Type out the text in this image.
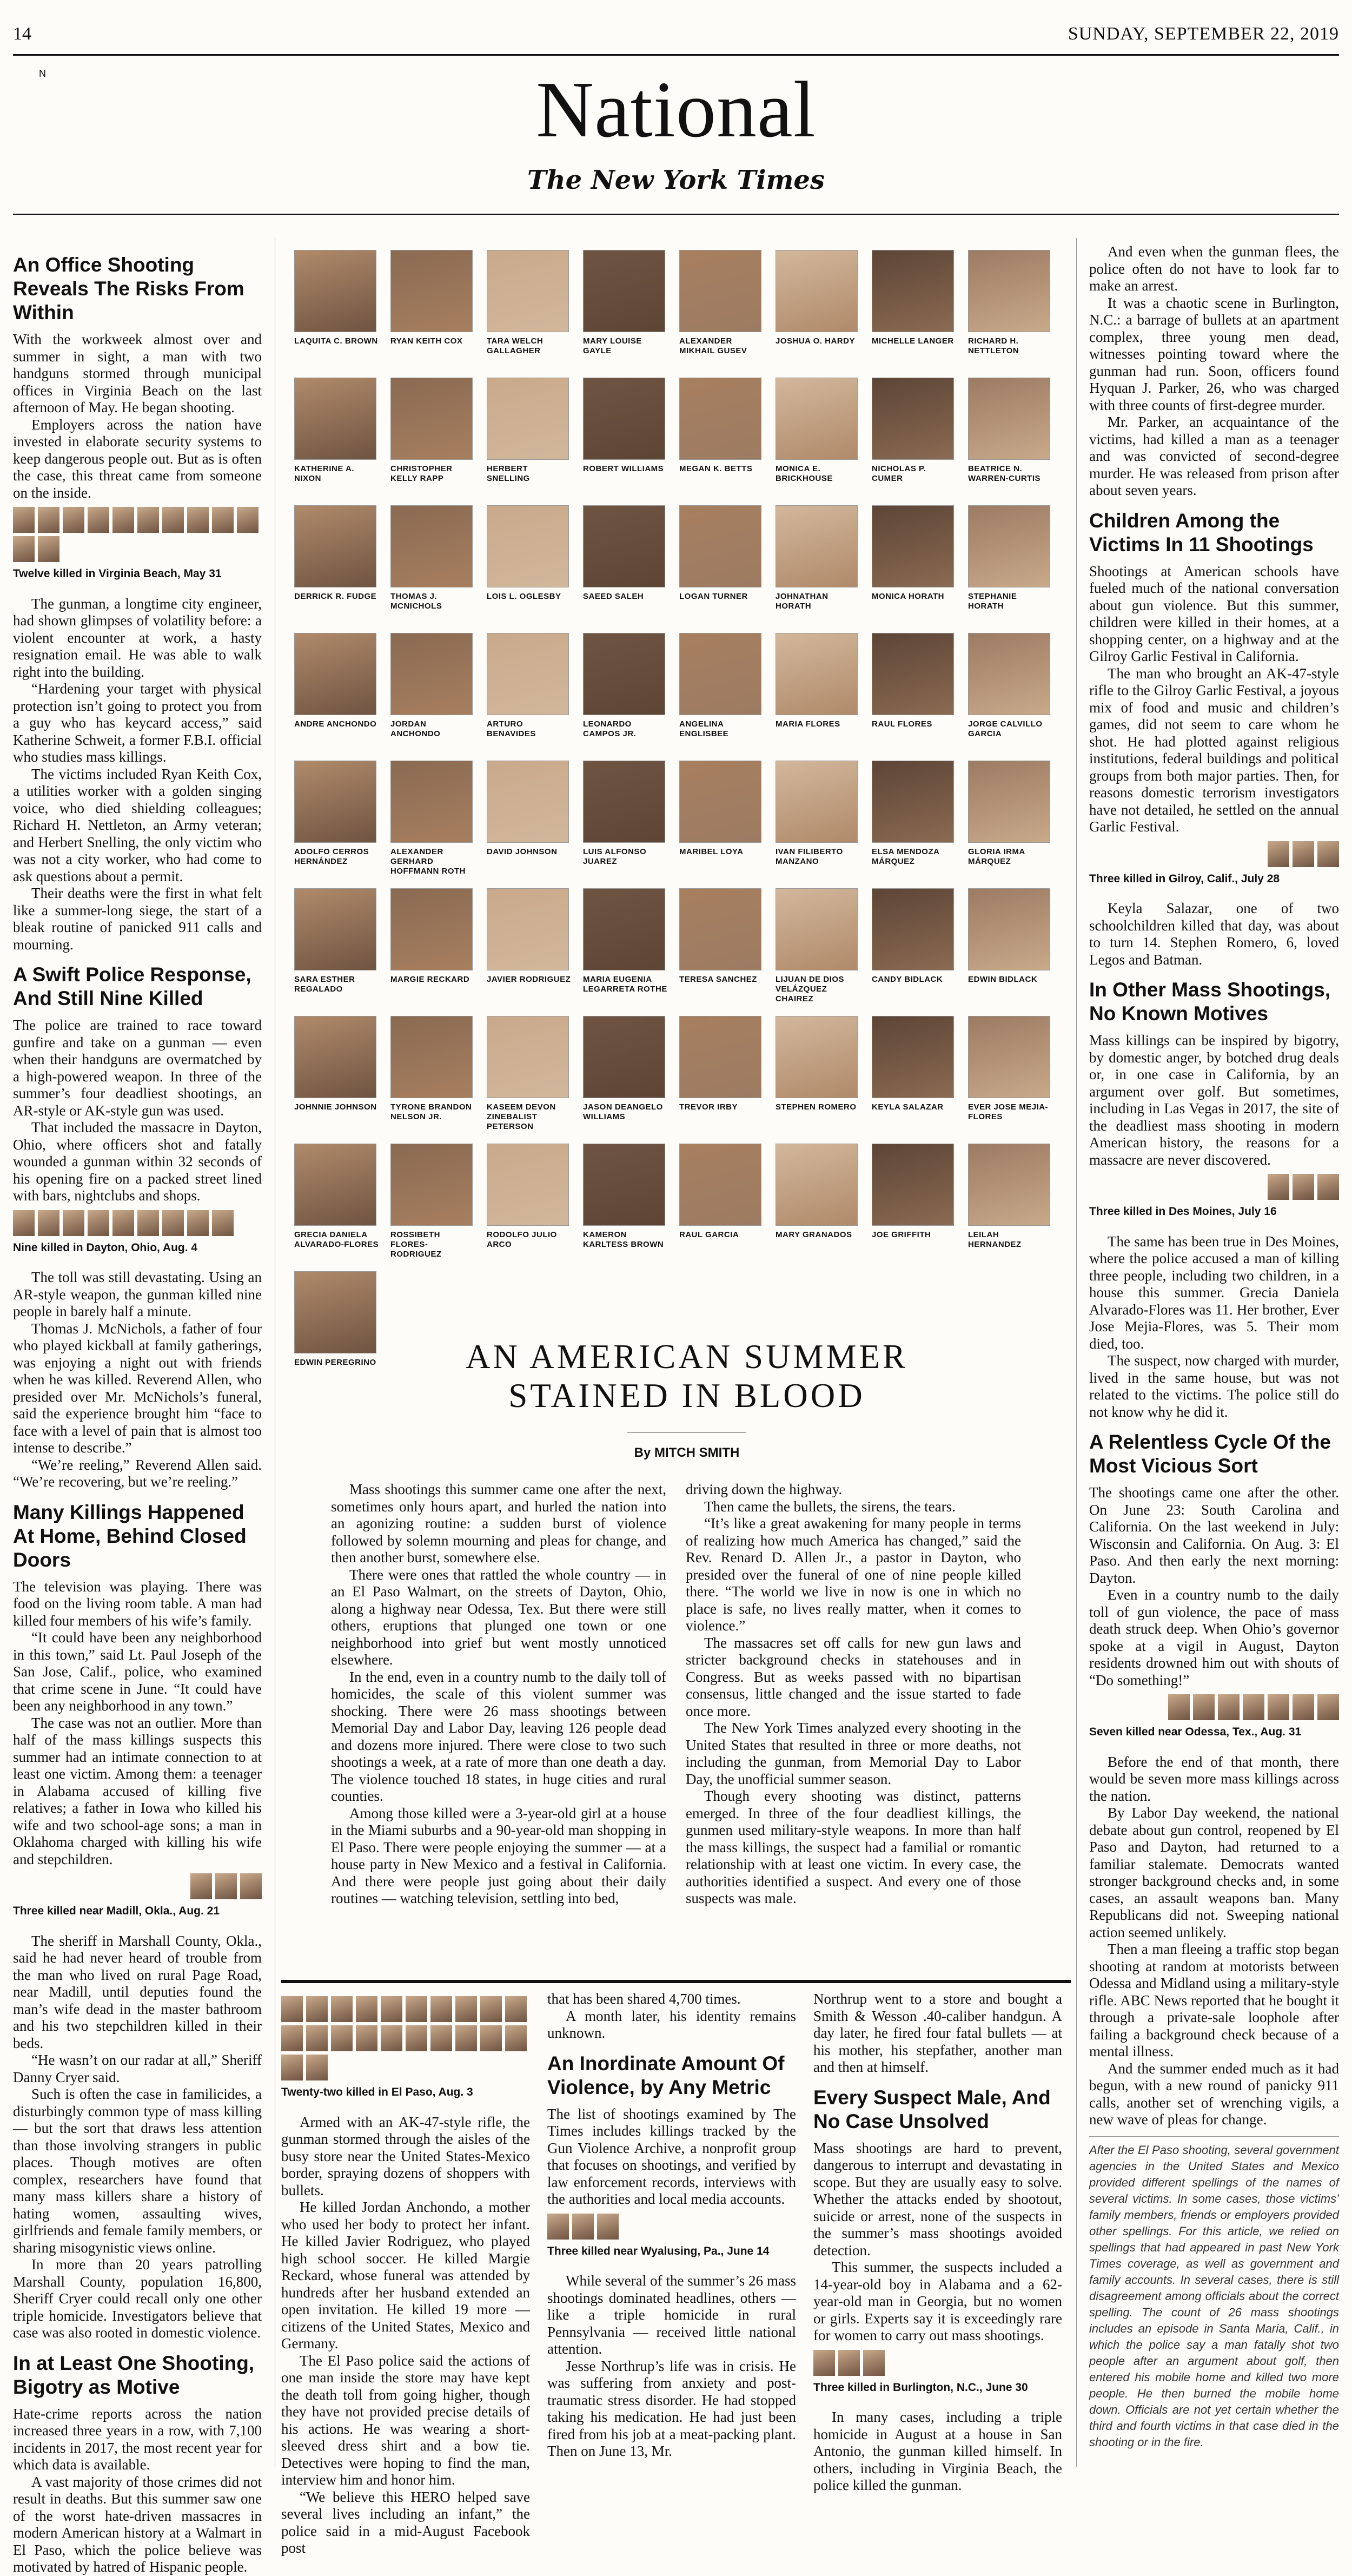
14	SUNDAY, SEPTEMBER 22, 2019
N	National
The New York Times
An Office Shooting Reveals The Risks From Within

With the workweek almost over and summer in sight, a man with two handguns stormed through municipal offices in Virginia Beach on the last afternoon of May. He began shooting.

Employers across the nation have invested in elaborate security systems to keep dangerous people out. But as is often the case, this threat came from someone on the inside.

Twelve killed in Virginia Beach, May 31

The gunman, a longtime city engineer, had shown glimpses of volatility before: a violent encounter at work, a hasty resignation email. He was able to walk right into the building.

“Hardening your target with physical protection isn’t going to protect you from a guy who has keycard access,” said Katherine Schweit, a former F.B.I. official who studies mass killings.

The victims included Ryan Keith Cox, a utilities worker with a golden singing voice, who died shielding colleagues; Richard H. Nettleton, an Army veteran; and Herbert Snelling, the only victim who was not a city worker, who had come to ask questions about a permit.

Their deaths were the first in what felt like a summer-long siege, the start of a bleak routine of panicked 911 calls and mourning.

A Swift Police Response, And Still Nine Killed

The police are trained to race toward gunfire and take on a gunman — even when their handguns are overmatched by a high-powered weapon. In three of the summer’s four deadliest shootings, an AR-style or AK-style gun was used.

That included the massacre in Dayton, Ohio, where officers shot and fatally wounded a gunman within 32 seconds of his opening fire on a packed street lined with bars, nightclubs and shops.

Nine killed in Dayton, Ohio, Aug. 4

The toll was still devastating. Using an AR-style weapon, the gunman killed nine people in barely half a minute.

Thomas J. McNichols, a father of four who played kickball at family gatherings, was enjoying a night out with friends when he was killed. Reverend Allen, who presided over Mr. McNichols’s funeral, said the experience brought him “face to face with a level of pain that is almost too intense to describe.”

“We’re reeling,” Reverend Allen said. “We’re recovering, but we’re reeling.”

Many Killings Happened At Home, Behind Closed Doors

The television was playing. There was food on the living room table. A man had killed four members of his wife’s family.

“It could have been any neighborhood in this town,” said Lt. Paul Joseph of the San Jose, Calif., police, who examined that crime scene in June. “It could have been any neighborhood in any town.”

The case was not an outlier. More than half of the mass killings suspects this summer had an intimate connection to at least one victim. Among them: a teenager in Alabama accused of killing five relatives; a father in Iowa who killed his wife and two school-age sons; a man in Oklahoma charged with killing his wife and stepchildren.

Three killed near Madill, Okla., Aug. 21

The sheriff in Marshall County, Okla., said he had never heard of trouble from the man who lived on rural Page Road, near Madill, until deputies found the man’s wife dead in the master bathroom and his two stepchildren killed in their beds.

“He wasn’t on our radar at all,” Sheriff Danny Cryer said.

Such is often the case in familicides, a disturbingly common type of mass killing — but the sort that draws less attention than those involving strangers in public places. Though motives are often complex, researchers have found that many mass killers share a history of hating women, assaulting wives, girlfriends and female family members, or sharing misogynistic views online.

In more than 20 years patrolling Marshall County, population 16,800, Sheriff Cryer could recall only one other triple homicide. Investigators believe that case was also rooted in domestic violence.

In at Least One Shooting, Bigotry as Motive

Hate-crime reports across the nation increased three years in a row, with 7,100 incidents in 2017, the most recent year for which data is available.

A vast majority of those crimes did not result in deaths. But this summer saw one of the worst hate-driven massacres in modern American history at a Walmart in El Paso, which the police believe was motivated by hatred of Hispanic people.

LAQUITA C. BROWN	RYAN KEITH COX	TARA WELCH GALLAGHER
MARY LOUISE GAYLE
ALEXANDER MIKHAIL GUSEV
JOSHUA O. HARDY	MICHELLE LANGER	RICHARD H. NETTLETON
KATHERINE A. NIXON
CHRISTOPHER KELLY RAPP
HERBERT SNELLING
ROBERT WILLIAMS	MEGAN K. BETTS	MONICA E. BRICKHOUSE
NICHOLAS P. CUMER
BEATRICE N. WARREN-CURTIS
DERRICK R. FUDGE	THOMAS J. MCNICHOLS
LOIS L. OGLESBY	SAEED SALEH	LOGAN TURNER	JOHNATHAN HORATH
MONICA HORATH	STEPHANIE HORATH
ANDRE ANCHONDO	JORDAN ANCHONDO
ARTURO BENAVIDES
LEONARDO CAMPOS JR.
ANGELINA ENGLISBEE
MARIA FLORES	RAUL FLORES	JORGE CALVILLO GARCIA
ADOLFO CERROS HERNÁNDEZ
ALEXANDER GERHARD HOFFMANN ROTH
DAVID JOHNSON	LUIS ALFONSO JUAREZ
MARIBEL LOYA	IVAN FILIBERTO MANZANO
ELSA MENDOZA MÁRQUEZ
GLORIA IRMA MÁRQUEZ
SARA ESTHER REGALADO
MARGIE RECKARD	JAVIER RODRIGUEZ	MARIA EUGENIA LEGARRETA ROTHE
TERESA SANCHEZ	LIJUAN DE DIOS VELÁZQUEZ CHAIREZ
CANDY BIDLACK	EDWIN BIDLACK
JOHNNIE JOHNSON	TYRONE BRANDON NELSON JR.
KASEEM DEVON ZINEBALIST PETERSON
JASON DEANGELO WILLIAMS
TREVOR IRBY	STEPHEN ROMERO	KEYLA SALAZAR	EVER JOSE MEJIA-FLORES
GRECIA DANIELA ALVARADO-FLORES
ROSSIBETH FLORES-RODRIGUEZ
RODOLFO JULIO ARCO
KAMERON KARLTESS BROWN
RAUL GARCIA	MARY GRANADOS	JOE GRIFFITH	LEILAH HERNANDEZ
EDWIN PEREGRINO	AN AMERICAN SUMMER
STAINED IN BLOOD
By MITCH SMITH

Mass shootings this summer came one after the next, sometimes only hours apart, and hurled the nation into an agonizing routine: a sudden burst of violence followed by solemn mourning and pleas for change, and then another burst, somewhere else.

There were ones that rattled the whole country — in an El Paso Walmart, on the streets of Dayton, Ohio, along a highway near Odessa, Tex. But there were still others, eruptions that plunged one town or one neighborhood into grief but went mostly unnoticed elsewhere.

In the end, even in a country numb to the daily toll of homicides, the scale of this violent summer was shocking. There were 26 mass shootings between Memorial Day and Labor Day, leaving 126 people dead and dozens more injured. There were close to two such shootings a week, at a rate of more than one death a day. The violence touched 18 states, in huge cities and rural counties.

Among those killed were a 3-year-old girl at a house in the Miami suburbs and a 90-year-old man shopping in El Paso. There were people enjoying the summer — at a house party in New Mexico and a festival in California. And there were people just going about their daily routines — watching television, settling into bed,

driving down the highway.

Then came the bullets, the sirens, the tears.

“It’s like a great awakening for many people in terms of realizing how much America has changed,” said the Rev. Renard D. Allen Jr., a pastor in Dayton, who presided over the funeral of one of nine people killed there. “The world we live in now is one in which no place is safe, no lives really matter, when it comes to violence.”

The massacres set off calls for new gun laws and stricter background checks in statehouses and in Congress. But as weeks passed with no bipartisan consensus, little changed and the issue started to fade once more.

The New York Times analyzed every shooting in the United States that resulted in three or more deaths, not including the gunman, from Memorial Day to Labor Day, the unofficial summer season.

Though every shooting was distinct, patterns emerged. In three of the four deadliest killings, the gunmen used military-style weapons. In more than half the mass killings, the suspect had a familial or romantic relationship with at least one victim. In every case, the authorities identified a suspect. And every one of those suspects was male.

Twenty-two killed in El Paso, Aug. 3

Armed with an AK-47-style rifle, the gunman stormed through the aisles of the busy store near the United States-Mexico border, spraying dozens of shoppers with bullets.

He killed Jordan Anchondo, a mother who used her body to protect her infant. He killed Javier Rodriguez, who played high school soccer. He killed Margie Reckard, whose funeral was attended by hundreds after her husband extended an open invitation. He killed 19 more — citizens of the United States, Mexico and Germany.

The El Paso police said the actions of one man inside the store may have kept the death toll from going higher, though they have not provided precise details of his actions. He was wearing a short-sleeved dress shirt and a bow tie. Detectives were hoping to find the man, interview him and honor him.

“We believe this HERO helped save several lives including an infant,” the police said in a mid-August Facebook post

that has been shared 4,700 times.

A month later, his identity remains unknown.

An Inordinate Amount Of Violence, by Any Metric

The list of shootings examined by The Times includes killings tracked by the Gun Violence Archive, a nonprofit group that focuses on shootings, and verified by law enforcement records, interviews with the authorities and local media accounts.

Three killed near Wyalusing, Pa., June 14

While several of the summer’s 26 mass shootings dominated headlines, others — like a triple homicide in rural Pennsylvania — received little national attention.

Jesse Northrup’s life was in crisis. He was suffering from anxiety and post-traumatic stress disorder. He had stopped taking his medication. He had just been fired from his job at a meat-packing plant. Then on June 13, Mr.

Northrup went to a store and bought a Smith & Wesson .40-caliber handgun. A day later, he fired four fatal bullets — at his mother, his stepfather, another man and then at himself.

Every Suspect Male, And No Case Unsolved

Mass shootings are hard to prevent, dangerous to interrupt and devastating in scope. But they are usually easy to solve. Whether the attacks ended by shootout, suicide or arrest, none of the suspects in the summer’s mass shootings avoided detection.

This summer, the suspects included a 14-year-old boy in Alabama and a 62-year-old man in Georgia, but no women or girls. Experts say it is exceedingly rare for women to carry out mass shootings.

Three killed in Burlington, N.C., June 30

In many cases, including a triple homicide in August at a house in San Antonio, the gunman killed himself. In others, including in Virginia Beach, the police killed the gunman.

And even when the gunman flees, the police often do not have to look far to make an arrest.

It was a chaotic scene in Burlington, N.C.: a barrage of bullets at an apartment complex, three young men dead, witnesses pointing toward where the gunman had run. Soon, officers found Hyquan J. Parker, 26, who was charged with three counts of first-degree murder.

Mr. Parker, an acquaintance of the victims, had killed a man as a teenager and was convicted of second-degree murder. He was released from prison after about seven years.

Children Among the Victims In 11 Shootings

Shootings at American schools have fueled much of the national conversation about gun violence. But this summer, children were killed in their homes, at a shopping center, on a highway and at the Gilroy Garlic Festival in California.

The man who brought an AK-47-style rifle to the Gilroy Garlic Festival, a joyous mix of food and music and children’s games, did not seem to care whom he shot. He had plotted against religious institutions, federal buildings and political groups from both major parties. Then, for reasons domestic terrorism investigators have not detailed, he settled on the annual Garlic Festival.

Three killed in Gilroy, Calif., July 28

Keyla Salazar, one of two schoolchildren killed that day, was about to turn 14. Stephen Romero, 6, loved Legos and Batman.

In Other Mass Shootings, No Known Motives

Mass killings can be inspired by bigotry, by domestic anger, by botched drug deals or, in one case in California, by an argument over golf. But sometimes, including in Las Vegas in 2017, the site of the deadliest mass shooting in modern American history, the reasons for a massacre are never discovered.

Three killed in Des Moines, July 16

The same has been true in Des Moines, where the police accused a man of killing three people, including two children, in a house this summer. Grecia Daniela Alvarado-Flores was 11. Her brother, Ever Jose Mejia-Flores, was 5. Their mom died, too.

The suspect, now charged with murder, lived in the same house, but was not related to the victims. The police still do not know why he did it.

A Relentless Cycle Of the Most Vicious Sort

The shootings came one after the other. On June 23: South Carolina and California. On the last weekend in July: Wisconsin and California. On Aug. 3: El Paso. And then early the next morning: Dayton.

Even in a country numb to the daily toll of gun violence, the pace of mass death struck deep. When Ohio’s governor spoke at a vigil in August, Dayton residents drowned him out with shouts of “Do something!”

Seven killed near Odessa, Tex., Aug. 31

Before the end of that month, there would be seven more mass killings across the nation.

By Labor Day weekend, the national debate about gun control, reopened by El Paso and Dayton, had returned to a familiar stalemate. Democrats wanted stronger background checks and, in some cases, an assault weapons ban. Many Republicans did not. Sweeping national action seemed unlikely.

Then a man fleeing a traffic stop began shooting at random at motorists between Odessa and Midland using a military-style rifle. ABC News reported that he bought it through a private-sale loophole after failing a background check because of a mental illness.

And the summer ended much as it had begun, with a new round of panicky 911 calls, another set of wrenching vigils, a new wave of pleas for change.

After the El Paso shooting, several government agencies in the United States and Mexico provided different spellings of the names of several victims. In some cases, those victims’ family members, friends or employers provided other spellings. For this article, we relied on spellings that had appeared in past New York Times coverage, as well as government and family accounts. In several cases, there is still disagreement among officials about the correct spelling. The count of 26 mass shootings includes an episode in Santa Maria, Calif., in which the police say a man fatally shot two people after an argument about golf, then entered his mobile home and killed two more people. He then burned the mobile home down. Officials are not yet certain whether the third and fourth victims in that case died in the shooting or in the fire.
